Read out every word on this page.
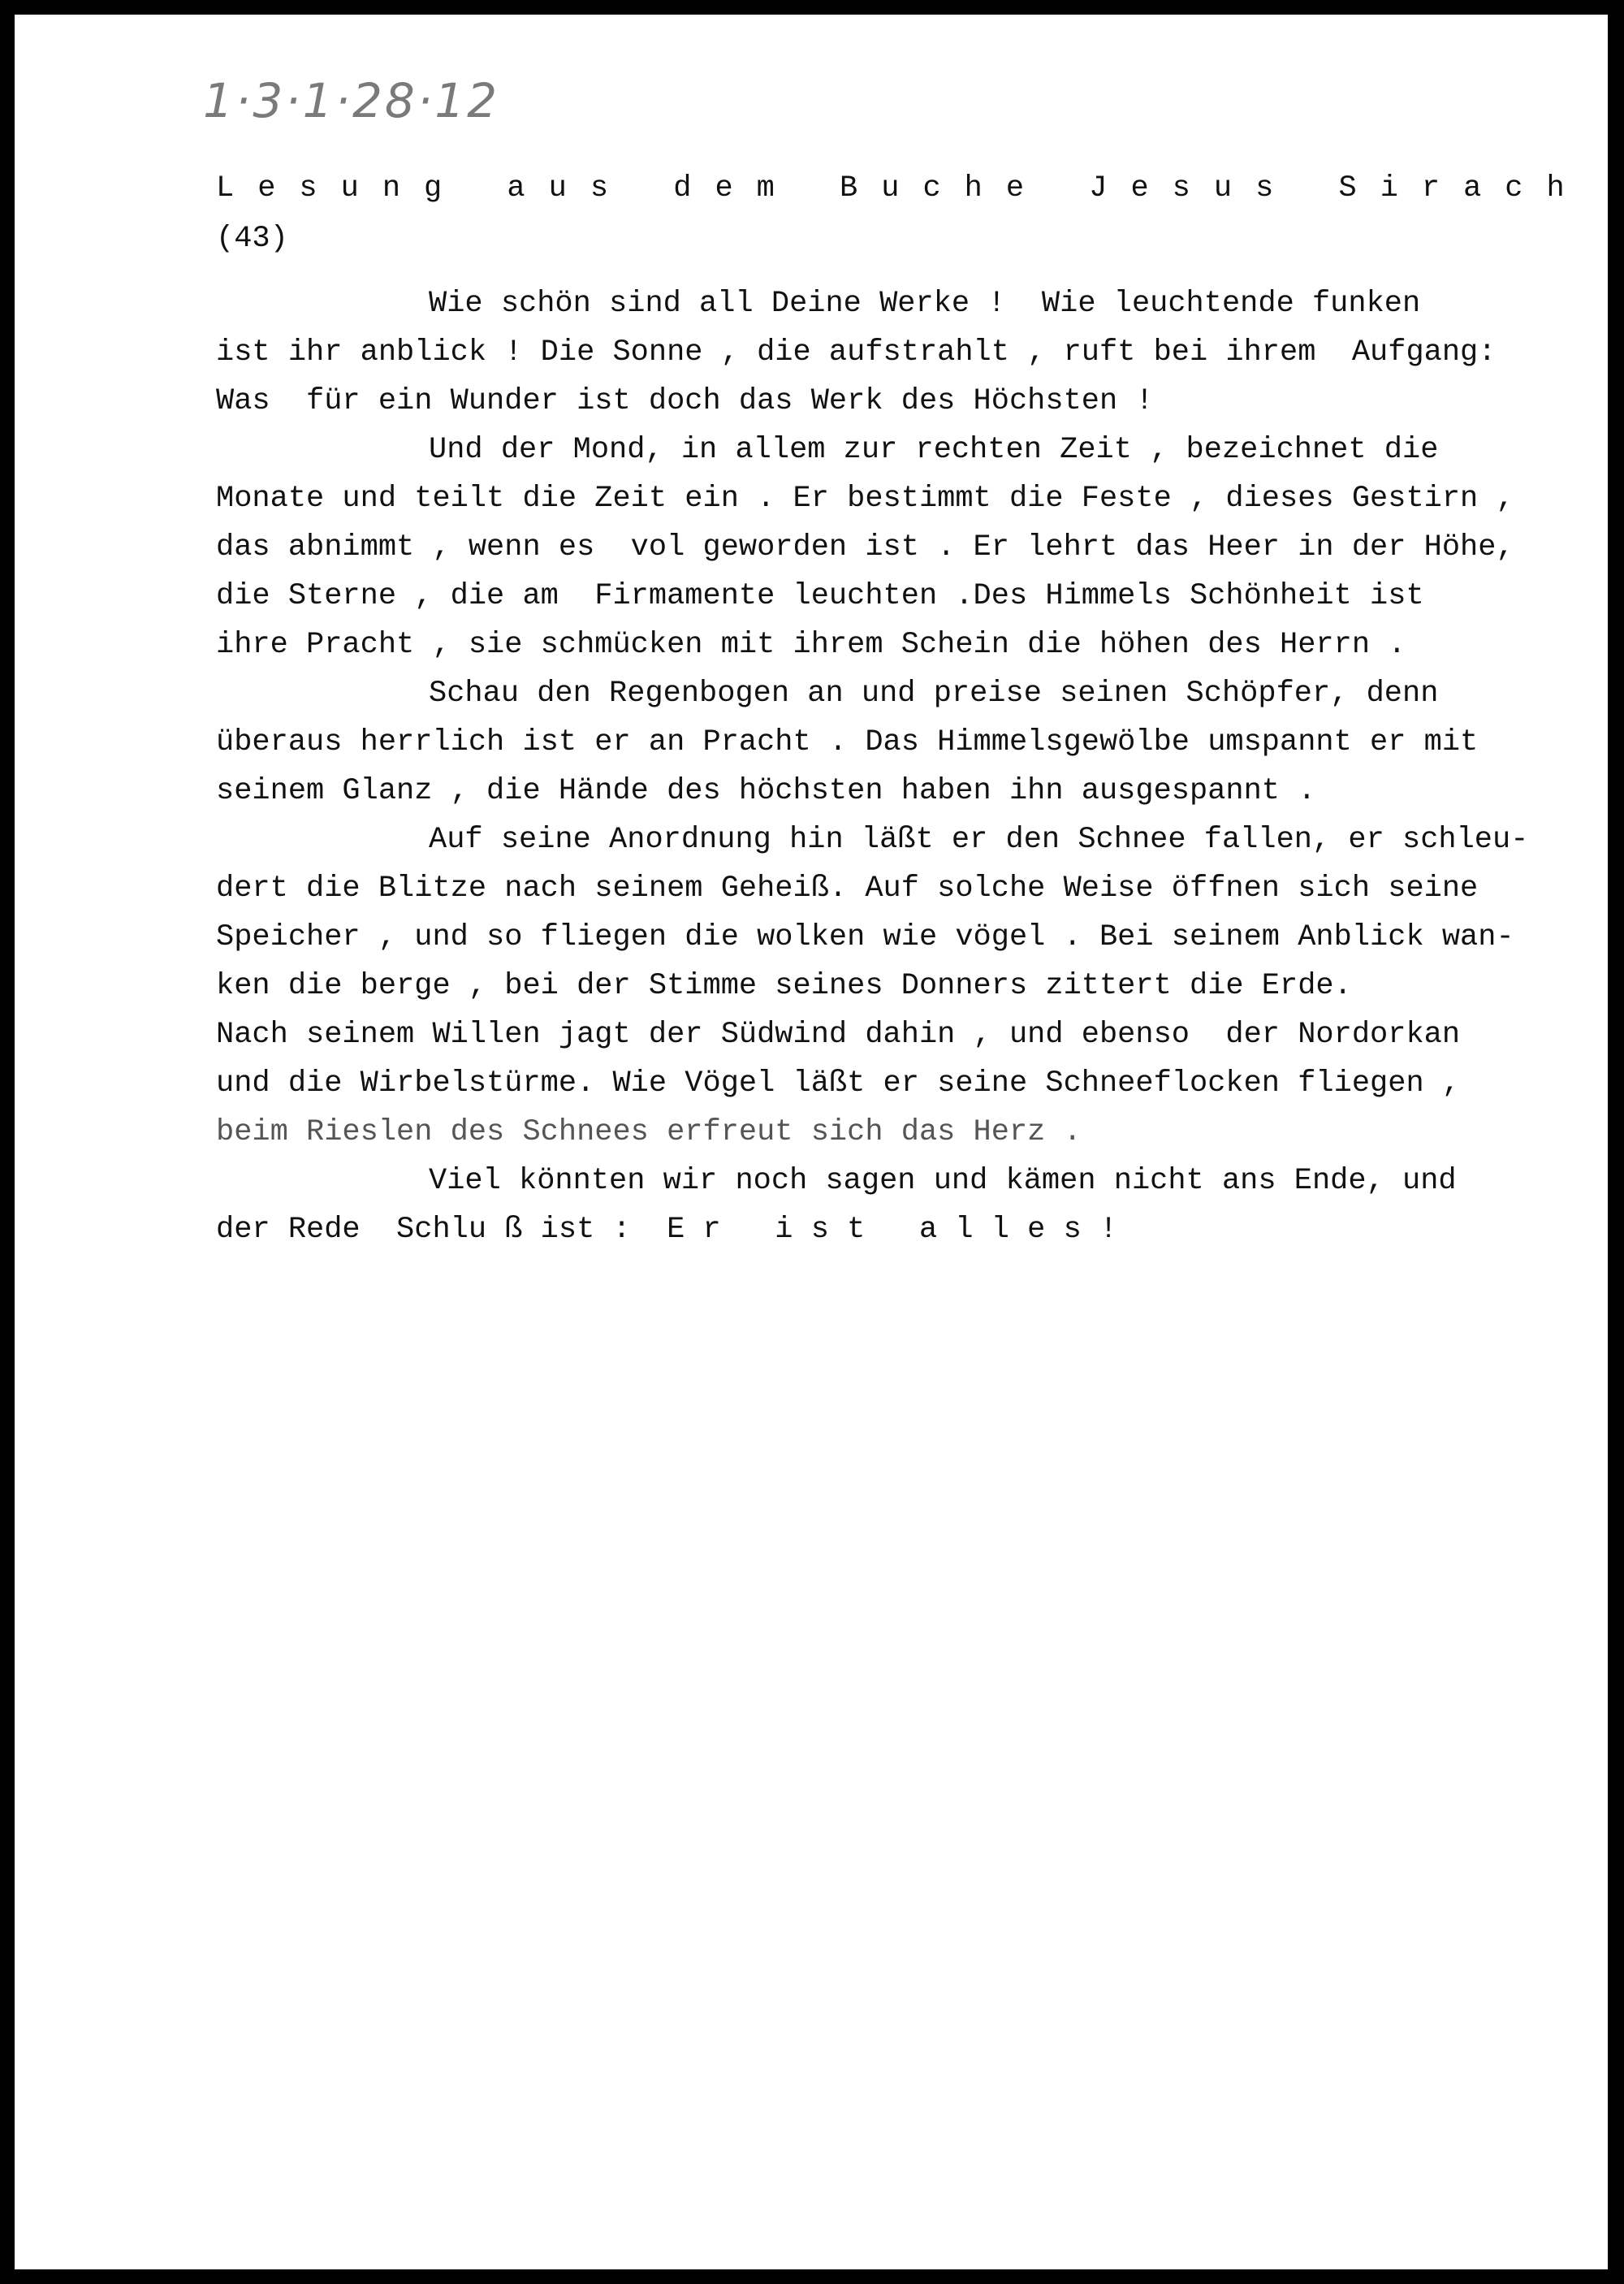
1·3·1·28·12
Lesung aus dem Buche Jesus Sirach
(43)
Wie schön sind all Deine Werke !  Wie leuchtende funken
ist ihr anblick ! Die Sonne , die aufstrahlt , ruft bei ihrem  Aufgang:
Was  für ein Wunder ist doch das Werk des Höchsten !
Und der Mond, in allem zur rechten Zeit , bezeichnet die
Monate und teilt die Zeit ein . Er bestimmt die Feste , dieses Gestirn ,
das abnimmt , wenn es  vol geworden ist . Er lehrt das Heer in der Höhe,
die Sterne , die am  Firmamente leuchten .Des Himmels Schönheit ist
ihre Pracht , sie schmücken mit ihrem Schein die höhen des Herrn .
Schau den Regenbogen an und preise seinen Schöpfer, denn
überaus herrlich ist er an Pracht . Das Himmelsgewölbe umspannt er mit
seinem Glanz , die Hände des höchsten haben ihn ausgespannt .
Auf seine Anordnung hin läßt er den Schnee fallen, er schleu-
dert die Blitze nach seinem Geheiß. Auf solche Weise öffnen sich seine
Speicher , und so fliegen die wolken wie vögel . Bei seinem Anblick wan-
ken die berge , bei der Stimme seines Donners zittert die Erde.
Nach seinem Willen jagt der Südwind dahin , und ebenso  der Nordorkan
und die Wirbelstürme. Wie Vögel läßt er seine Schneeflocken fliegen ,
beim Rieslen des Schnees erfreut sich das Herz .
Viel könnten wir noch sagen und kämen nicht ans Ende, und
der Rede  Schlu ß ist :  E r   i s t   a l l e s !
